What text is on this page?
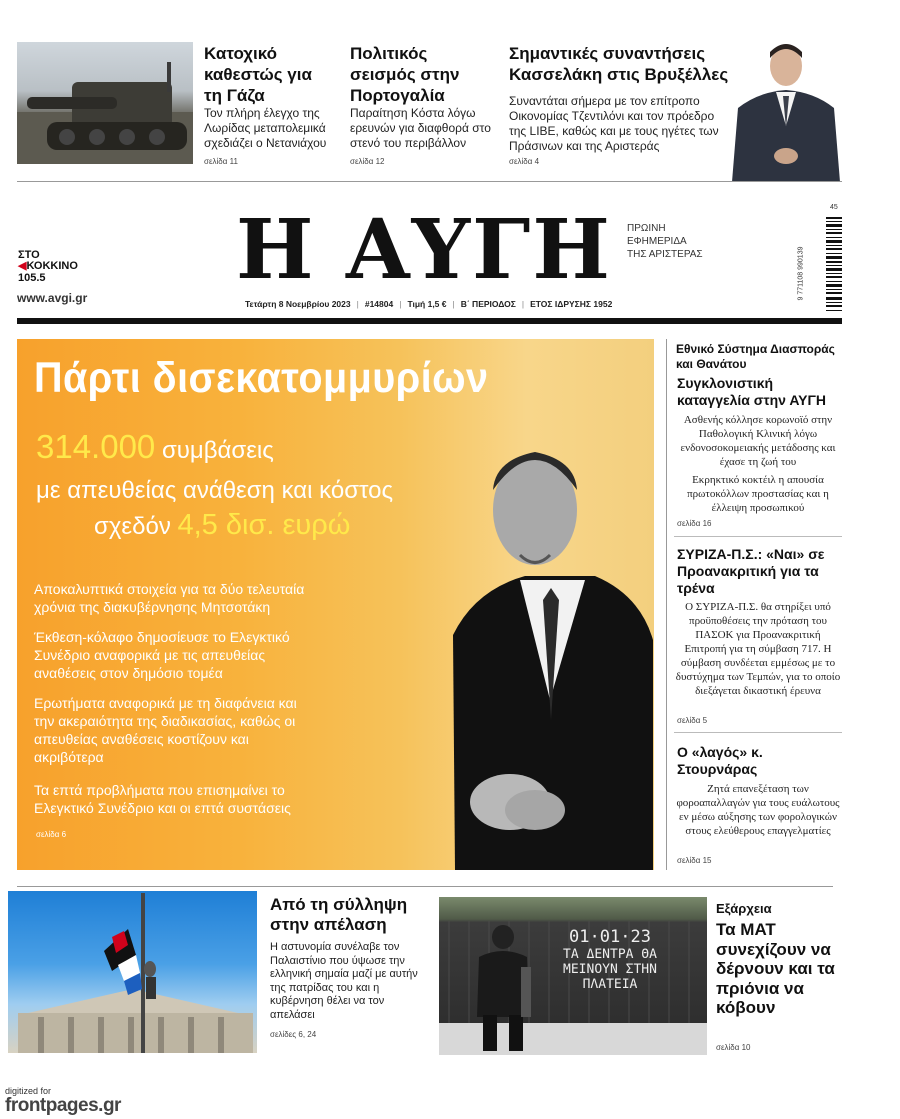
Κατοχικό καθεστώς για τη Γάζα
Τον πλήρη έλεγχο της Λωρίδας μεταπολεμικά σχεδιάζει ο Νετανιάχου
σελίδα 11
Πολιτικός σεισμός στην Πορτογαλία
Παραίτηση Κόστα λόγω ερευνών για διαφθορά στο στενό του περιβάλλον
σελίδα 12
Σημαντικές συναντήσεις Κασσελάκη στις Βρυξέλλες
Συναντάται σήμερα με τον επίτροπο Οικονομίας Τζεντιλόνι και τον πρόεδρο της LIBE, καθώς και με τους ηγέτες των Πράσινων και της Αριστεράς
σελίδα 4
ΣΤΟ
◀ΚΟΚΚΙΝΟ
105.5
www.avgi.gr Η ΑΥΓΗ ΠΡΩΙΝΗ
ΕΦΗΜΕΡΙΔΑ
ΤΗΣ ΑΡΙΣΤΕΡΑΣ	9 771108 990139
45
Τετάρτη 8 Νοεμβρίου 2023 | #14804 | Τιμή 1,5 € | Β΄ ΠΕΡΙΟΔΟΣ | ΕΤΟΣ ΙΔΡΥΣΗΣ 1952
Πάρτι δισεκατομμυρίων
314.000 συμβάσεις
με απευθείας ανάθεση και κόστος
σχεδόν 4,5 δισ. ευρώ
Αποκαλυπτικά στοιχεία για τα δύο τελευταία χρόνια της διακυβέρνησης Μητσοτάκη
Έκθεση-κόλαφο δημοσίευσε το Ελεγκτικό Συνέδριο αναφορικά με τις απευθείας αναθέσεις στον δημόσιο τομέα
Ερωτήματα αναφορικά με τη διαφάνεια και την ακεραιότητα της διαδικασίας, καθώς οι απευθείας αναθέσεις κοστίζουν και ακριβότερα
Τα επτά προβλήματα που επισημαίνει το Ελεγκτικό Συνέδριο και οι επτά συστάσεις
σελίδα 6
Εθνικό Σύστημα Διασποράς και Θανάτου
Συγκλονιστική καταγγελία στην ΑΥΓΗ
Ασθενής κόλλησε κορωνοϊό στην Παθολογική Κλινική λόγω ενδονοσοκομειακής μετάδοσης και έχασε τη ζωή του
Εκρηκτικό κοκτέιλ η απουσία πρωτοκόλλων προστασίας και η έλλειψη προσωπικού
σελίδα 16
ΣΥΡΙΖΑ-Π.Σ.: «Ναι» σε Προανακριτική για τα τρένα
Ο ΣΥΡΙΖΑ-Π.Σ. θα στηρίξει υπό προϋποθέσεις την πρόταση του ΠΑΣΟΚ για Προανακριτική Επιτροπή για τη σύμβαση 717. Η σύμβαση συνδέεται εμμέσως με το δυστύχημα των Τεμπών, για το οποίο διεξάγεται δικαστική έρευνα
σελίδα 5
Ο «λαγός» κ. Στουρνάρας
Ζητά επανεξέταση των φοροαπαλλαγών για τους ευάλωτους εν μέσω αύξησης των φορολογικών στους ελεύθερους επαγγελματίες
σελίδα 15
Από τη σύλληψη στην απέλαση
Η αστυνομία συνέλαβε τον Παλαιστίνιο που ύψωσε την ελληνική σημαία μαζί με αυτήν της πατρίδας του και η κυβέρνηση θέλει να τον απελάσει
σελίδες 6, 24
01·01·23
ΤΑ ΔΕΝΤΡΑ ΘΑ
ΜΕΙΝΟΥΝ ΣΤΗΝ
ΠΛΑΤΕΙΑ
Εξάρχεια
Τα ΜΑΤ συνεχίζουν να δέρνουν και τα πριόνια να κόβουν
σελίδα 10
digitized for
frontpages.gr
